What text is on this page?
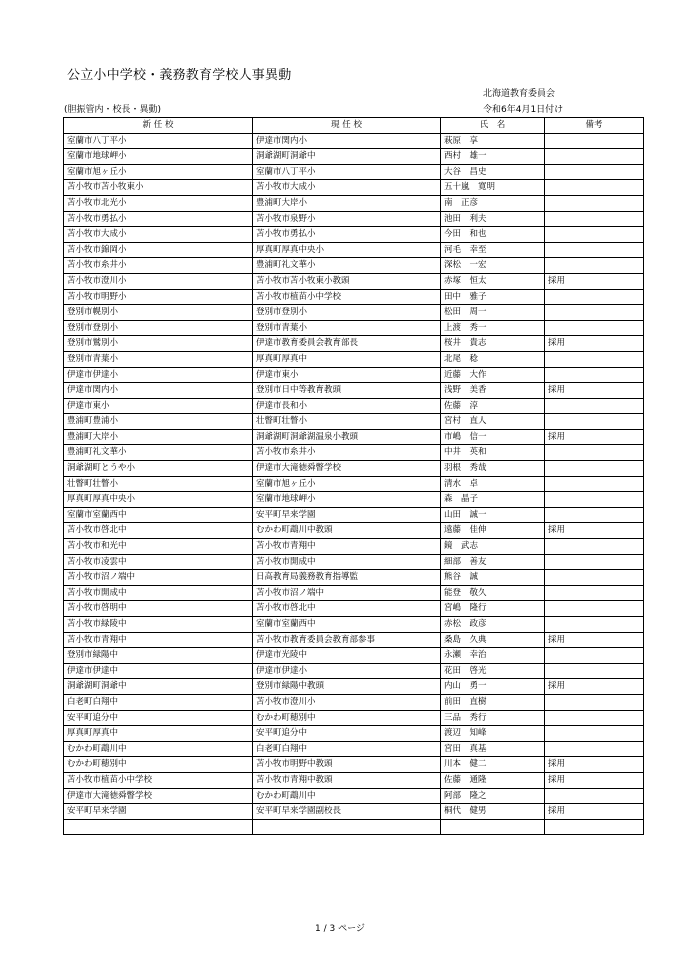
公立小中学校・義務教育学校人事異動
北海道教育委員会
(胆振管内・校長・異動)	令和6年4月1日付け
新 任 校	現 任 校	氏　名	備考
室蘭市八丁平小	伊達市関内小	萩原　享	
室蘭市地球岬小	洞爺湖町洞爺中	西村　雄一	
室蘭市旭ヶ丘小	室蘭市八丁平小	大谷　昌史	
苫小牧市苫小牧東小	苫小牧市大成小	五十嵐　寛明	
苫小牧市北光小	豊浦町大岸小	南　正彦	
苫小牧市勇払小	苫小牧市泉野小	池田　利夫	
苫小牧市大成小	苫小牧市勇払小	今田　和也	
苫小牧市錦岡小	厚真町厚真中央小	河毛　幸至	
苫小牧市糸井小	豊浦町礼文華小	深松　一宏	
苫小牧市澄川小	苫小牧市苫小牧東小教頭	赤塚　恒太	採用
苫小牧市明野小	苫小牧市植苗小中学校	田中　雅子	
登別市幌別小	登別市登別小	松田　周一	
登別市登別小	登別市青葉小	上渡　秀一	
登別市鷲別小	伊達市教育委員会教育部長	桜井　貴志	採用
登別市青葉小	厚真町厚真中	北尾　稔	
伊達市伊達小	伊達市東小	近藤　大作	
伊達市関内小	登別市日中等教育教頭	浅野　美香	採用
伊達市東小	伊達市長和小	佐藤　淳	
豊浦町豊浦小	壮瞥町壮瞥小	宮村　直人	
豊浦町大岸小	洞爺湖町洞爺湖温泉小教頭	市嶋　信一	採用
豊浦町礼文華小	苫小牧市糸井小	中井　英和	
洞爺湖町とうや小	伊達市大滝徳舜瞥学校	羽根　秀哉	
壮瞥町壮瞥小	室蘭市旭ヶ丘小	清水　卓	
厚真町厚真中央小	室蘭市地球岬小	森　晶子	
室蘭市室蘭西中	安平町早来学園	山田　誠一	
苫小牧市啓北中	むかわ町鵡川中教頭	遠藤　佳伸	採用
苫小牧市和光中	苫小牧市青翔中	鏡　武志	
苫小牧市凌雲中	苫小牧市開成中	細部　善友	
苫小牧市沼ノ端中	日高教育局義務教育指導監	熊谷　誠	
苫小牧市開成中	苫小牧市沼ノ端中	能登　敬久	
苫小牧市啓明中	苫小牧市啓北中	宮嶋　隆行	
苫小牧市緑陵中	室蘭市室蘭西中	赤松　政彦	
苫小牧市青翔中	苫小牧市教育委員会教育部参事	桑島　久典	採用
登別市緑陽中	伊達市光陵中	永瀬　幸治	
伊達市伊達中	伊達市伊達小	花田　啓光	
洞爺湖町洞爺中	登別市緑陽中教頭	内山　勇一	採用
白老町白翔中	苫小牧市澄川小	前田　直樹	
安平町追分中	むかわ町穂別中	三品　秀行	
厚真町厚真中	安平町追分中	渡辺　知峰	
むかわ町鵡川中	白老町白翔中	宮田　真基	
むかわ町穂別中	苫小牧市明野中教頭	川本　健二	採用
苫小牧市植苗小中学校	苫小牧市青翔中教頭	佐藤　通隆	採用
伊達市大滝徳舜瞥学校	むかわ町鵡川中	阿部　隆之	
安平町早来学園	安平町早来学園副校長	桐代　健男	採用

1 / 3 ページ
